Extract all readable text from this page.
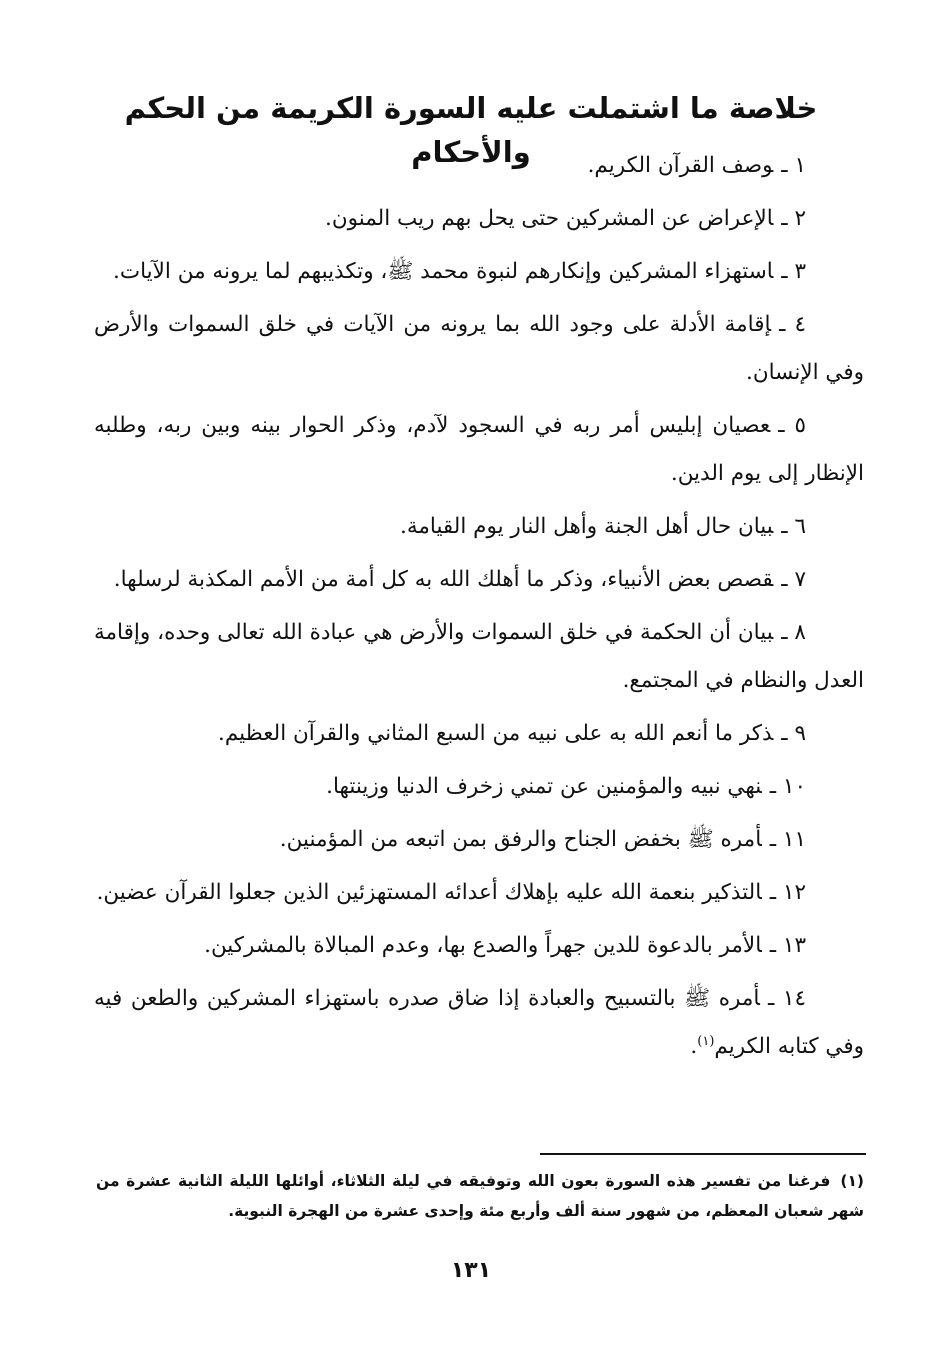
خلاصة ما اشتملت عليه السورة الكريمة من الحكم والأحكام	١ ـوصف القرآن الكريم.
٢ ـالإعراض عن المشركين حتى يحل بهم ريب المنون.
٣ ـاستهزاء المشركين وإنكارهم لنبوة محمد ﷺ، وتكذيبهم لما يرونه من الآيات.
٤ ـإقامة الأدلة على وجود الله بما يرونه من الآيات في خلق السموات والأرض وفي الإنسان.
٥ ـعصيان إبليس أمر ربه في السجود لآدم، وذكر الحوار بينه وبين ربه، وطلبه الإنظار إلى يوم الدين.
٦ ـبيان حال أهل الجنة وأهل النار يوم القيامة.
٧ ـقصص بعض الأنبياء، وذكر ما أهلك الله به كل أمة من الأمم المكذبة لرسلها.
٨ ـبيان أن الحكمة في خلق السموات والأرض هي عبادة الله تعالى وحده، وإقامة العدل والنظام في المجتمع.
٩ ـذكر ما أنعم الله به على نبيه من السبع المثاني والقرآن العظيم.
١٠ ـنهي نبيه والمؤمنين عن تمني زخرف الدنيا وزينتها.
١١ ـأمره ﷺ بخفض الجناح والرفق بمن اتبعه من المؤمنين.
١٢ ـالتذكير بنعمة الله عليه بإهلاك أعدائه المستهزئين الذين جعلوا القرآن عضين.
١٣ ـالأمر بالدعوة للدين جهراً والصدع بها، وعدم المبالاة بالمشركين.
١٤ ـأمره ﷺ بالتسبيح والعبادة إذا ضاق صدره باستهزاء المشركين والطعن فيه وفي كتابه الكريم$^{(١)}$.

(١)فرغنا من تفسير هذه السورة بعون الله وتوفيقه في ليلة الثلاثاء، أوائلها الليلة الثانية عشرة من شهر شعبان المعظم، من شهور سنة ألف وأربع مئة وإحدى عشرة من الهجرة النبوية.

١٣١
